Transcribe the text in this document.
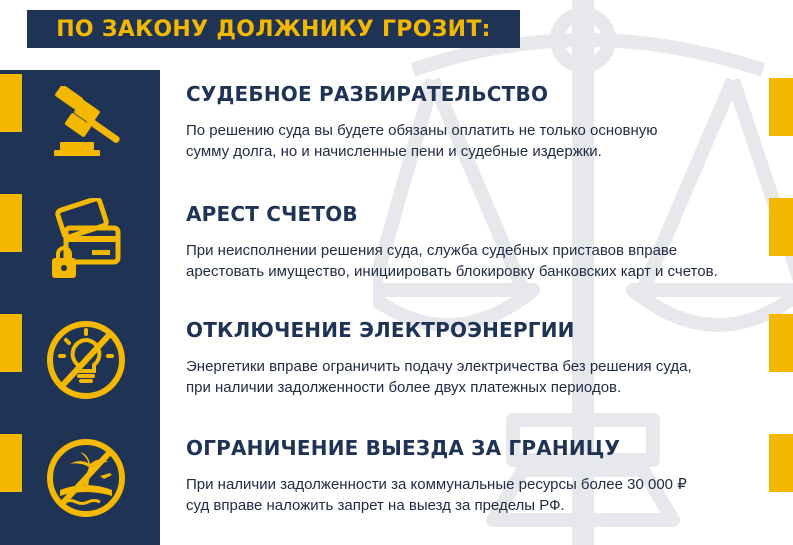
ПО ЗАКОНУ ДОЛЖНИКУ ГРОЗИТ:
СУДЕБНОЕ РАЗБИРАТЕЛЬСТВО
По решению суда вы будете обязаны оплатить не только основную
сумму долга, но и начисленные пени и судебные издержки.
АРЕСТ СЧЕТОВ
При неисполнении решения суда, служба судебных приставов вправе
арестовать имущество, инициировать блокировку банковских карт и счетов.
ОТКЛЮЧЕНИЕ ЭЛЕКТРОЭНЕРГИИ
Энергетики вправе ограничить подачу электричества без решения суда,
при наличии задолженности более двух платежных периодов.
ОГРАНИЧЕНИЕ ВЫЕЗДА ЗА ГРАНИЦУ
При наличии задолженности за коммунальные ресурсы более 30 000 ₽
суд вправе наложить запрет на выезд за пределы РФ.
